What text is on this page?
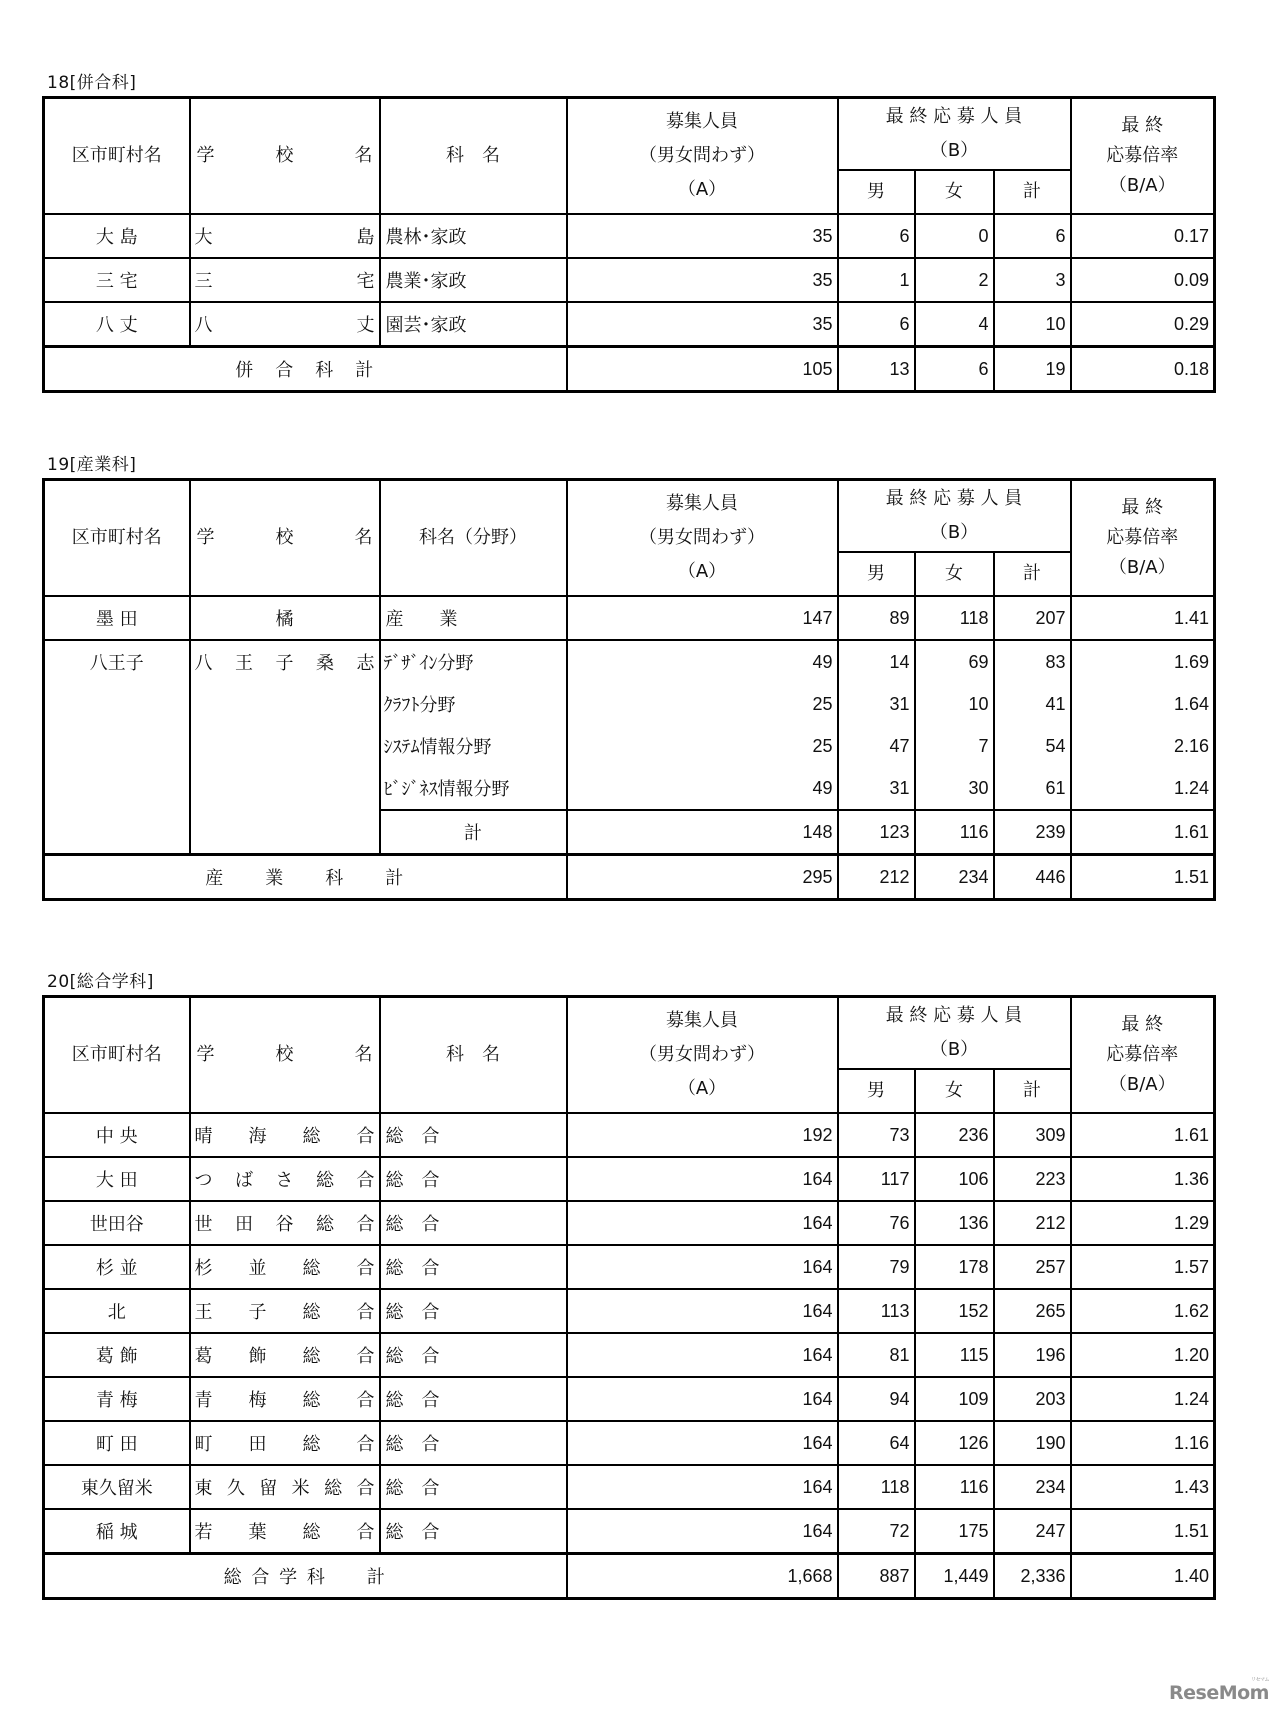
18[併合科]
区市町村名	学　　校　　名	科　名	
募集人員
（男女問わず）
（A）

最 終 応 募 人 員
（B）

最 終
応募倍率
（B/A）

				男	女	計	
大 島	大 島	農林･家政	35	6	0	6	0.17
三 宅	三 宅	農業･家政	35	1	2	3	0.09
八 丈	八 丈	園芸･家政	35	6	4	10	0.29
併　合　科　計			105	13	6	19	0.18
19[産業科]
区市町村名	学　　校　　名	科名（分野）	
募集人員
（男女問わず）
（A）

最 終 応 募 人 員
（B）

最 終
応募倍率
（B/A）

				男	女	計	
墨 田	橘	産　　業	147	89	118	207	1.41
八王子	八 王 子 桑 志	ﾃﾞｻﾞｲﾝ分野	49	14	69	83	1.69
		ｸﾗﾌﾄ分野	25	31	10	41	1.64
		ｼｽﾃﾑ情報分野	25	47	7	54	2.16
		ﾋﾞｼﾞﾈｽ情報分野	49	31	30	61	1.24
		計	148	123	116	239	1.61
産　　業　　科　　計			295	212	234	446	1.51
20[総合学科]
区市町村名	学　　校　　名	科　名	
募集人員
（男女問わず）
（A）

最 終 応 募 人 員
（B）

最 終
応募倍率
（B/A）

				男	女	計	
中 央	晴 海 総 合	総　合	192	73	236	309	1.61
大 田	つ ば さ 総 合	総　合	164	117	106	223	1.36
世田谷	世 田 谷 総 合	総　合	164	76	136	212	1.29
杉 並	杉 並 総 合	総　合	164	79	178	257	1.57
北	王 子 総 合	総　合	164	113	152	265	1.62
葛 飾	葛 飾 総 合	総　合	164	81	115	196	1.20
青 梅	青 梅 総 合	総　合	164	94	109	203	1.24
町 田	町 田 総 合	総　合	164	64	126	190	1.16
東久留米	東 久 留 米 総 合	総　合	164	118	116	234	1.43
稲 城	若 葉 総 合	総　合	164	72	175	247	1.51
総 合 学 科　　計			1,668	887	1,449	2,336	1.40
ReseMom
リセマム
